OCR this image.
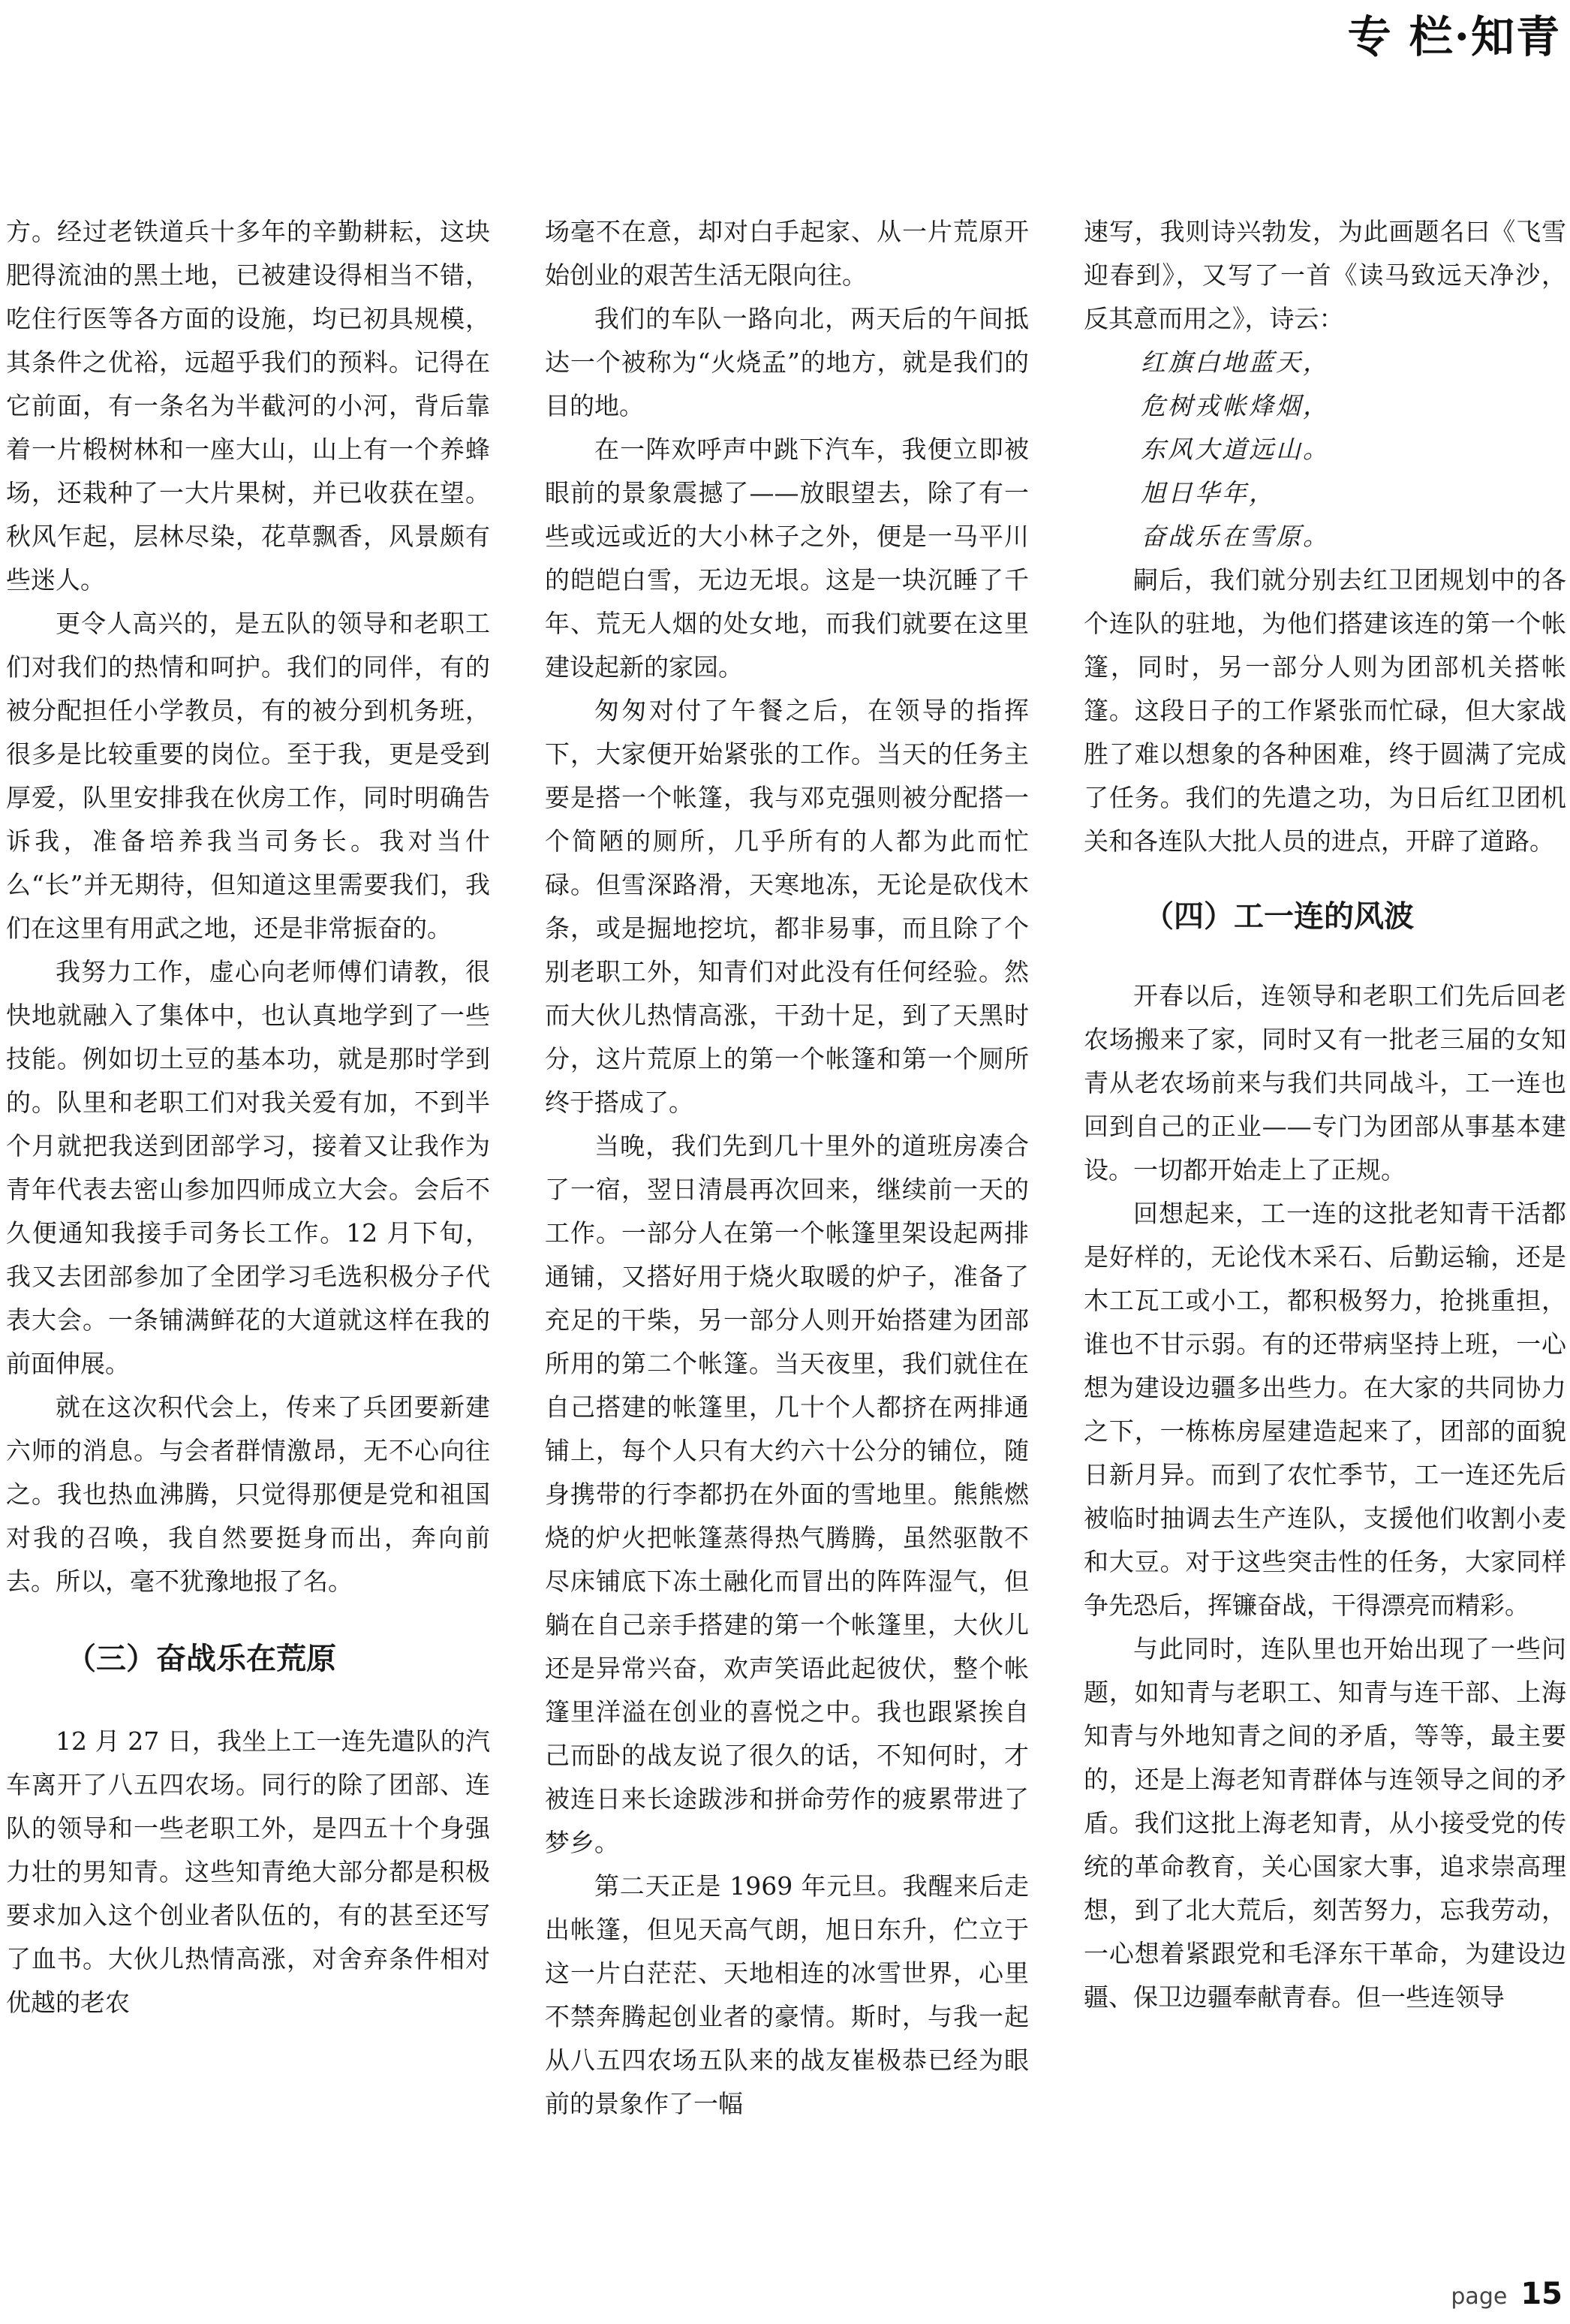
专 栏·知青

方。经过老铁道兵十多年的辛勤耕耘，这块肥得流油的黑土地，已被建设得相当不错，吃住行医等各方面的设施，均已初具规模，其条件之优裕，远超乎我们的预料。记得在它前面，有一条名为半截河的小河，背后靠着一片椴树林和一座大山，山上有一个养蜂场，还栽种了一大片果树，并已收获在望。秋风乍起，层林尽染，花草飘香，风景颇有些迷人。

更令人高兴的，是五队的领导和老职工们对我们的热情和呵护。我们的同伴，有的被分配担任小学教员，有的被分到机务班，很多是比较重要的岗位。至于我，更是受到厚爱，队里安排我在伙房工作，同时明确告诉我，准备培养我当司务长。我对当什么“长”并无期待，但知道这里需要我们，我们在这里有用武之地，还是非常振奋的。

我努力工作，虚心向老师傅们请教，很快地就融入了集体中，也认真地学到了一些技能。例如切土豆的基本功，就是那时学到的。队里和老职工们对我关爱有加，不到半个月就把我送到团部学习，接着又让我作为青年代表去密山参加四师成立大会。会后不久便通知我接手司务长工作。12 月下旬，我又去团部参加了全团学习毛选积极分子代表大会。一条铺满鲜花的大道就这样在我的前面伸展。

就在这次积代会上，传来了兵团要新建六师的消息。与会者群情激昂，无不心向往之。我也热血沸腾，只觉得那便是党和祖国对我的召唤，我自然要挺身而出，奔向前去。所以，毫不犹豫地报了名。

（三）奋战乐在荒原

12 月 27 日，我坐上工一连先遣队的汽车离开了八五四农场。同行的除了团部、连队的领导和一些老职工外，是四五十个身强力壮的男知青。这些知青绝大部分都是积极要求加入这个创业者队伍的，有的甚至还写了血书。大伙儿热情高涨，对舍弃条件相对优越的老农

场毫不在意，却对白手起家、从一片荒原开始创业的艰苦生活无限向往。

我们的车队一路向北，两天后的午间抵达一个被称为“火烧孟”的地方，就是我们的目的地。

在一阵欢呼声中跳下汽车，我便立即被眼前的景象震撼了——放眼望去，除了有一些或远或近的大小林子之外，便是一马平川的皑皑白雪，无边无垠。这是一块沉睡了千年、荒无人烟的处女地，而我们就要在这里建设起新的家园。

匆匆对付了午餐之后，在领导的指挥下，大家便开始紧张的工作。当天的任务主要是搭一个帐篷，我与邓克强则被分配搭一个简陋的厕所，几乎所有的人都为此而忙碌。但雪深路滑，天寒地冻，无论是砍伐木条，或是掘地挖坑，都非易事，而且除了个别老职工外，知青们对此没有任何经验。然而大伙儿热情高涨，干劲十足，到了天黑时分，这片荒原上的第一个帐篷和第一个厕所终于搭成了。

当晚，我们先到几十里外的道班房凑合了一宿，翌日清晨再次回来，继续前一天的工作。一部分人在第一个帐篷里架设起两排通铺，又搭好用于烧火取暖的炉子，准备了充足的干柴，另一部分人则开始搭建为团部所用的第二个帐篷。当天夜里，我们就住在自己搭建的帐篷里，几十个人都挤在两排通铺上，每个人只有大约六十公分的铺位，随身携带的行李都扔在外面的雪地里。熊熊燃烧的炉火把帐篷蒸得热气腾腾，虽然驱散不尽床铺底下冻土融化而冒出的阵阵湿气，但躺在自己亲手搭建的第一个帐篷里，大伙儿还是异常兴奋，欢声笑语此起彼伏，整个帐篷里洋溢在创业的喜悦之中。我也跟紧挨自己而卧的战友说了很久的话，不知何时，才被连日来长途跋涉和拼命劳作的疲累带进了梦乡。

第二天正是 1969 年元旦。我醒来后走出帐篷，但见天高气朗，旭日东升，伫立于这一片白茫茫、天地相连的冰雪世界，心里不禁奔腾起创业者的豪情。斯时，与我一起从八五四农场五队来的战友崔极恭已经为眼前的景象作了一幅

速写，我则诗兴勃发，为此画题名曰《飞雪迎春到》，又写了一首《读马致远天净沙，反其意而用之》，诗云：

红旗白地蓝天，
危树戎帐烽烟，
东风大道远山。
旭日华年，
奋战乐在雪原。

嗣后，我们就分别去红卫团规划中的各个连队的驻地，为他们搭建该连的第一个帐篷，同时，另一部分人则为团部机关搭帐篷。这段日子的工作紧张而忙碌，但大家战胜了难以想象的各种困难，终于圆满了完成了任务。我们的先遣之功，为日后红卫团机关和各连队大批人员的进点，开辟了道路。

（四）工一连的风波

开春以后，连领导和老职工们先后回老农场搬来了家，同时又有一批老三届的女知青从老农场前来与我们共同战斗，工一连也回到自己的正业——专门为团部从事基本建设。一切都开始走上了正规。

回想起来，工一连的这批老知青干活都是好样的，无论伐木采石、后勤运输，还是木工瓦工或小工，都积极努力，抢挑重担，谁也不甘示弱。有的还带病坚持上班，一心想为建设边疆多出些力。在大家的共同协力之下，一栋栋房屋建造起来了，团部的面貌日新月异。而到了农忙季节，工一连还先后被临时抽调去生产连队，支援他们收割小麦和大豆。对于这些突击性的任务，大家同样争先恐后，挥镰奋战，干得漂亮而精彩。

与此同时，连队里也开始出现了一些问题，如知青与老职工、知青与连干部、上海知青与外地知青之间的矛盾，等等，最主要的，还是上海老知青群体与连领导之间的矛盾。我们这批上海老知青，从小接受党的传统的革命教育，关心国家大事，追求崇高理想，到了北大荒后，刻苦努力，忘我劳动，一心想着紧跟党和毛泽东干革命，为建设边疆、保卫边疆奉献青春。但一些连领导

page 15
